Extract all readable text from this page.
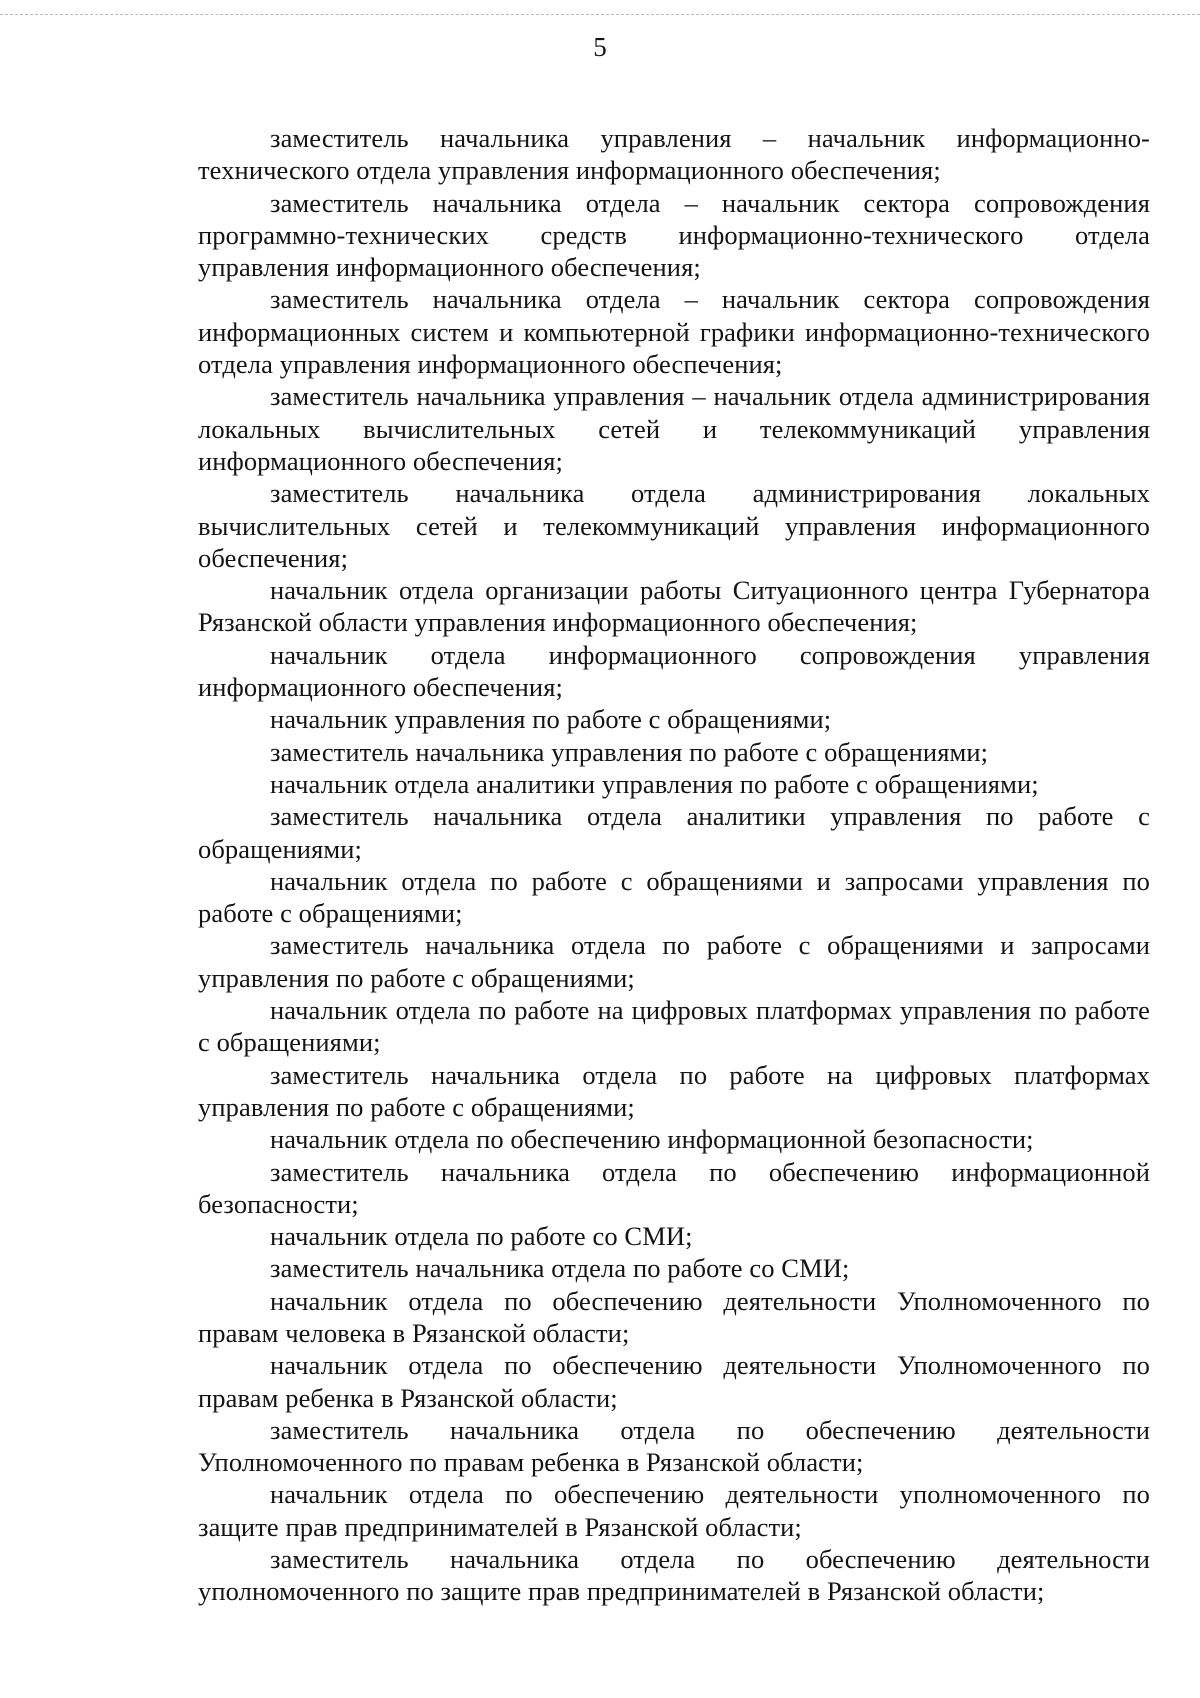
5

заместитель начальника управления – начальник информационно-технического отдела управления информационного обеспечения;

заместитель начальника отдела – начальник сектора сопровождения программно-технических средств информационно-технического отдела управления информационного обеспечения;

заместитель начальника отдела – начальник сектора сопровождения информационных систем и компьютерной графики информационно-технического отдела управления информационного обеспечения;

заместитель начальника управления – начальник отдела администрирования локальных вычислительных сетей и телекоммуникаций управления информационного обеспечения;

заместитель начальника отдела администрирования локальных вычислительных сетей и телекоммуникаций управления информационного обеспечения;

начальник отдела организации работы Ситуационного центра Губернатора Рязанской области управления информационного обеспечения;

начальник отдела информационного сопровождения управления информационного обеспечения;

начальник управления по работе с обращениями;

заместитель начальника управления по работе с обращениями;

начальник отдела аналитики управления по работе с обращениями;

заместитель начальника отдела аналитики управления по работе с обращениями;

начальник отдела по работе с обращениями и запросами управления по работе с обращениями;

заместитель начальника отдела по работе с обращениями и запросами управления по работе с обращениями;

начальник отдела по работе на цифровых платформах управления по работе с обращениями;

заместитель начальника отдела по работе на цифровых платформах управления по работе с обращениями;

начальник отдела по обеспечению информационной безопасности;

заместитель начальника отдела по обеспечению информационной безопасности;

начальник отдела по работе со СМИ;

заместитель начальника отдела по работе со СМИ;

начальник отдела по обеспечению деятельности Уполномоченного по правам человека в Рязанской области;

начальник отдела по обеспечению деятельности Уполномоченного по правам ребенка в Рязанской области;

заместитель начальника отдела по обеспечению деятельности Уполномоченного по правам ребенка в Рязанской области;

начальник отдела по обеспечению деятельности уполномоченного по защите прав предпринимателей в Рязанской области;

заместитель начальника отдела по обеспечению деятельности уполномоченного по защите прав предпринимателей в Рязанской области;
